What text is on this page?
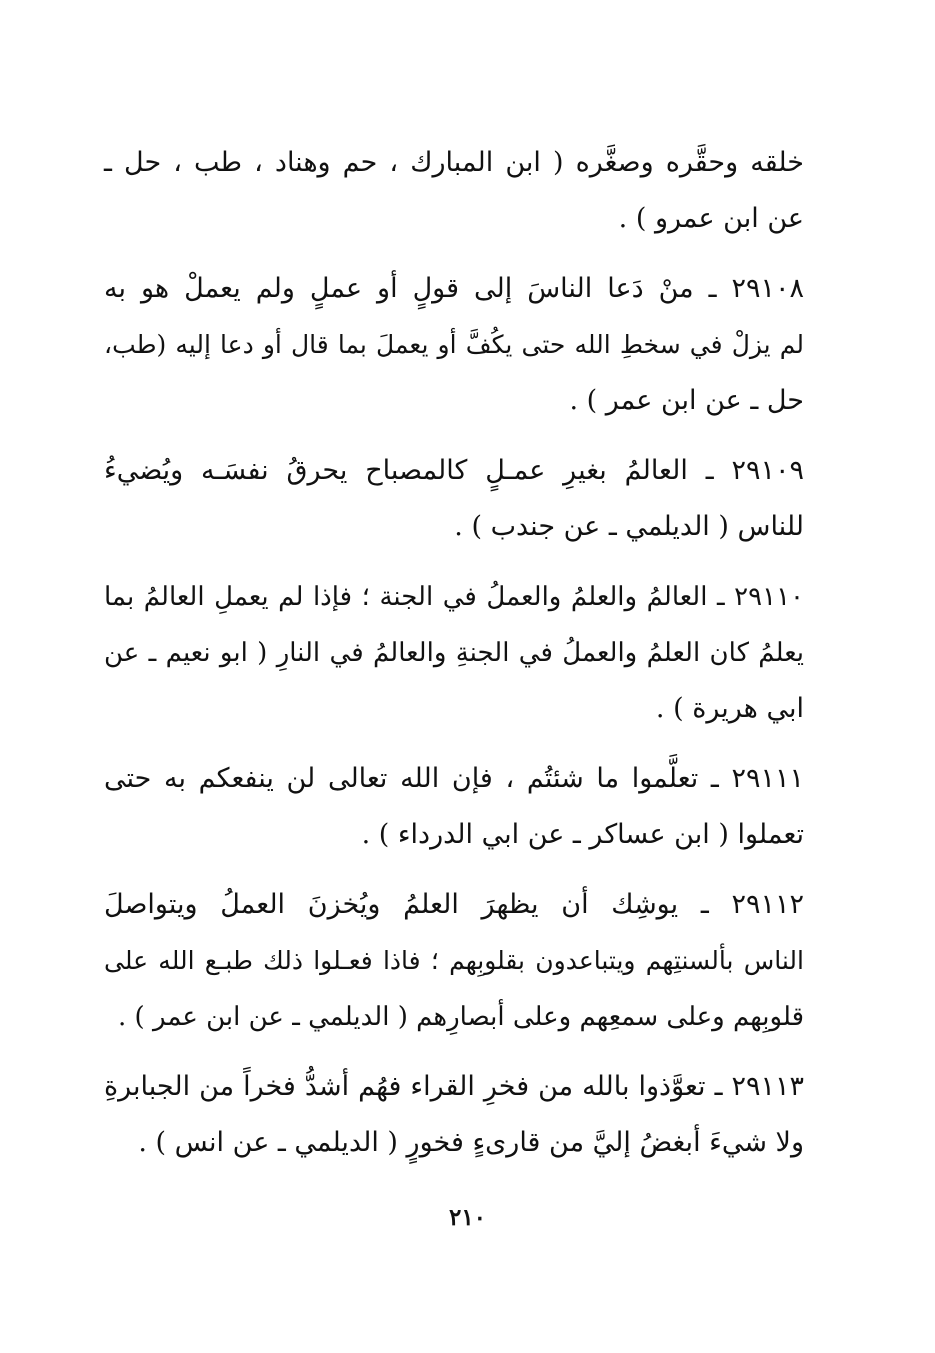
خلقه وحقَّره وصغَّره ( ابن المبارك ، حم وهناد ، طب ، حل ـ
عن ابن عمرو ) .
٢٩١٠٨ ـ منْ دَعا الناسَ إلى قولٍ أو عملٍ ولم يعملْ هو به
لم يزلْ في سخطِ الله حتى يكُفَّ أو يعملَ بما قال أو دعا إليه (طب،
حل ـ عن ابن عمر ) .
٢٩١٠٩ ـ العالمُ بغيرِ عمـلٍ كالمصباح يحرقُ نفسَـه ويُضيءُ
للناس ( الديلمي ـ عن جندب ) .
٢٩١١٠ ـ العالمُ والعلمُ والعملُ في الجنة ؛ فإذا لم يعملِ العالمُ بما
يعلمُ كان العلمُ والعملُ في الجنةِ والعالمُ في النارِ ( ابو نعيم ـ عن
ابي هريرة ) .
٢٩١١١ ـ تعلَّموا ما شئتُم ، فإن الله تعالى لن ينفعكم به حتى
تعملوا ( ابن عساكر ـ عن ابي الدرداء ) .
٢٩١١٢ ـ يوشِك أن يظهرَ العلمُ ويُخزنَ العملُ ويتواصلَ
الناس بألسنتِهم ويتباعدون بقلوبِهم ؛ فاذا فعـلوا ذلك طبـع الله على
قلوبِهم وعلى سمعِهم وعلى أبصارِهم ( الديلمي ـ عن ابن عمر ) .
٢٩١١٣ ـ تعوَّذوا بالله من فخرِ القراء فهُم أشدُّ فخراً من الجبابرةِ
ولا شيءَ أبغضُ إليَّ من قارىءٍ فخورٍ ( الديلمي ـ عن انس ) .
٢١٠
